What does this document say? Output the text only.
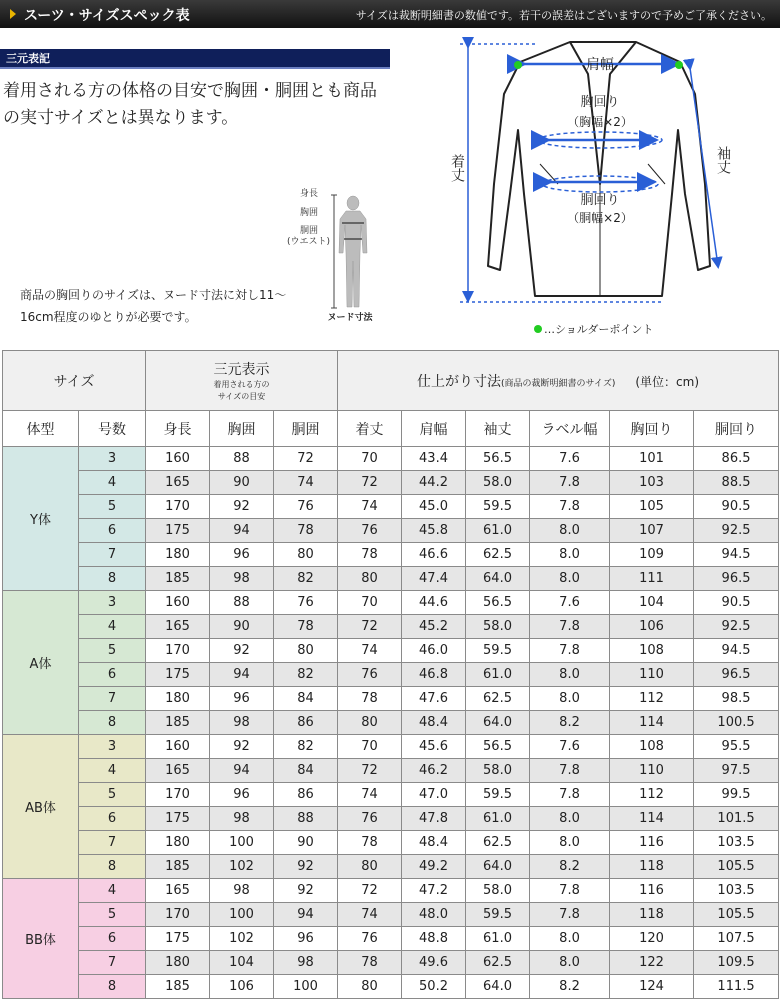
スーツ・サイズスペック表	サイズは裁断明細書の数値です。若干の誤差はございますので予めご了承ください。
三元表記

着用される方の体格の目安で胸囲・胴囲とも商品の実寸サイズとは異なります。

商品の胸回りのサイズは、ヌード寸法に対し11～16cm程度のゆとりが必要です。

身長
胸囲
胴囲
(ウエスト)
ヌード寸法
肩幅
胸回り
（胸幅×2）
胴回り
（胴幅×2）
着丈	袖丈
…ショルダーポイント
サイズ		三元表示
着用される方の
サイズの目安			仕上がり寸法(商品の裁断明細書のサイズ) (単位：cm)					
体型	号数	身長	胸囲	胴囲	着丈	肩幅	袖丈	ラベル幅	胸回り	胴回り
Y体	3	160	88	72	70	43.4	56.5	7.6	101	86.5
	4	165	90	74	72	44.2	58.0	7.8	103	88.5
	5	170	92	76	74	45.0	59.5	7.8	105	90.5
	6	175	94	78	76	45.8	61.0	8.0	107	92.5
	7	180	96	80	78	46.6	62.5	8.0	109	94.5
	8	185	98	82	80	47.4	64.0	8.0	111	96.5
A体	3	160	88	76	70	44.6	56.5	7.6	104	90.5
	4	165	90	78	72	45.2	58.0	7.8	106	92.5
	5	170	92	80	74	46.0	59.5	7.8	108	94.5
	6	175	94	82	76	46.8	61.0	8.0	110	96.5
	7	180	96	84	78	47.6	62.5	8.0	112	98.5
	8	185	98	86	80	48.4	64.0	8.2	114	100.5
AB体	3	160	92	82	70	45.6	56.5	7.6	108	95.5
	4	165	94	84	72	46.2	58.0	7.8	110	97.5
	5	170	96	86	74	47.0	59.5	7.8	112	99.5
	6	175	98	88	76	47.8	61.0	8.0	114	101.5
	7	180	100	90	78	48.4	62.5	8.0	116	103.5
	8	185	102	92	80	49.2	64.0	8.2	118	105.5
BB体	4	165	98	92	72	47.2	58.0	7.8	116	103.5
	5	170	100	94	74	48.0	59.5	7.8	118	105.5
	6	175	102	96	76	48.8	61.0	8.0	120	107.5
	7	180	104	98	78	49.6	62.5	8.0	122	109.5
	8	185	106	100	80	50.2	64.0	8.2	124	111.5
